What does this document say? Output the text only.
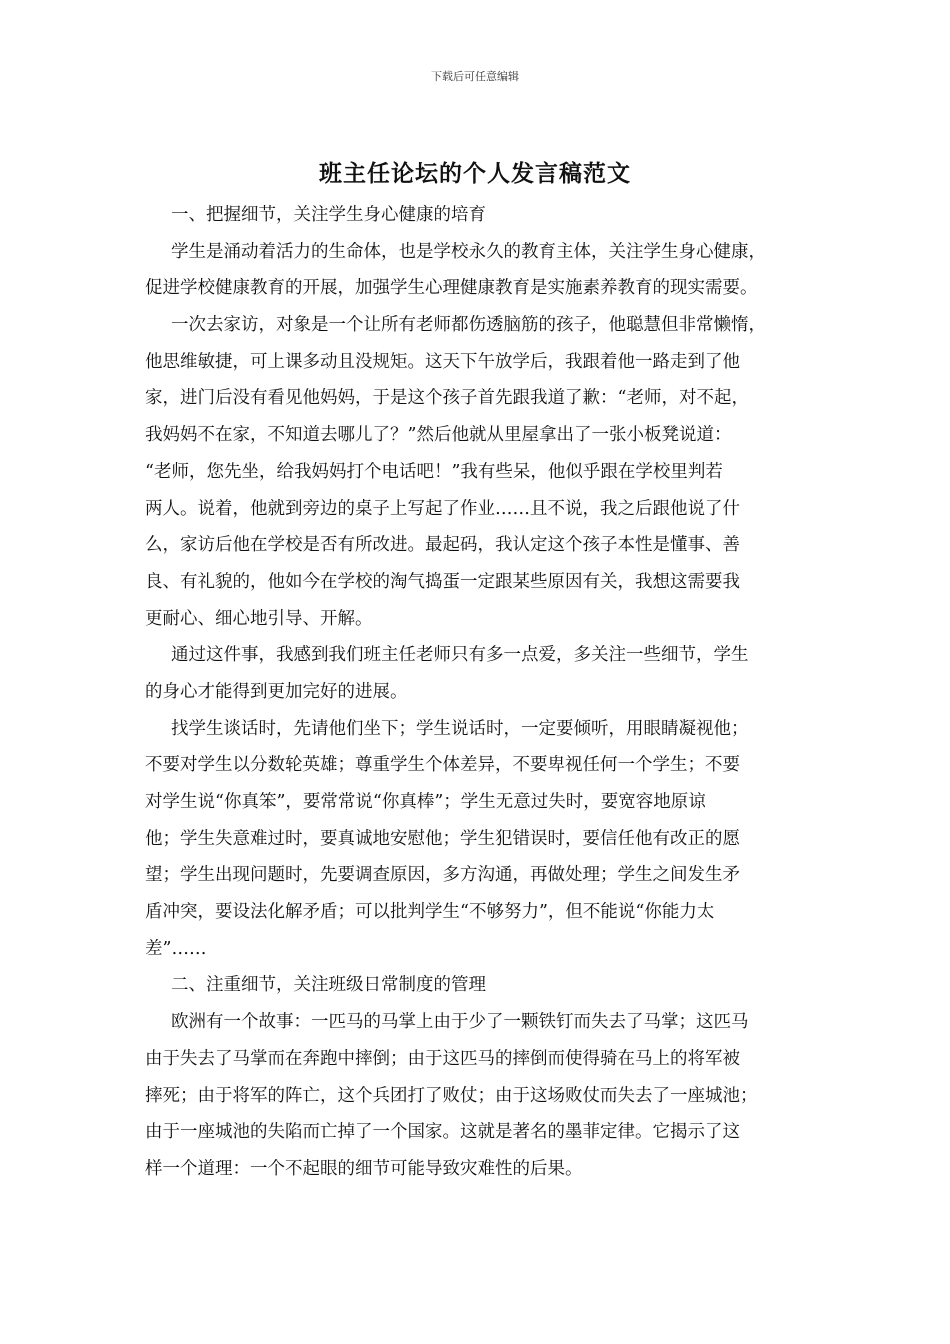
下载后可任意编辑
班主任论坛的个人发言稿范文
一、把握细节，关注学生身心健康的培育
学生是涌动着活力的生命体，也是学校永久的教育主体，关注学生身心健康，
促进学校健康教育的开展，加强学生心理健康教育是实施素养教育的现实需要。
一次去家访，对象是一个让所有老师都伤透脑筋的孩子，他聪慧但非常懒惰，
他思维敏捷，可上课多动且没规矩。这天下午放学后，我跟着他一路走到了他
家，进门后没有看见他妈妈，于是这个孩子首先跟我道了歉：“老师，对不起，
我妈妈不在家，不知道去哪儿了？”然后他就从里屋拿出了一张小板凳说道：
“老师，您先坐，给我妈妈打个电话吧！”我有些呆，他似乎跟在学校里判若
两人。说着，他就到旁边的桌子上写起了作业……且不说，我之后跟他说了什
么，家访后他在学校是否有所改进。最起码，我认定这个孩子本性是懂事、善
良、有礼貌的，他如今在学校的淘气捣蛋一定跟某些原因有关，我想这需要我
更耐心、细心地引导、开解。
通过这件事，我感到我们班主任老师只有多一点爱，多关注一些细节，学生
的身心才能得到更加完好的进展。
找学生谈话时，先请他们坐下；学生说话时，一定要倾听，用眼睛凝视他；
不要对学生以分数轮英雄；尊重学生个体差异，不要卑视任何一个学生；不要
对学生说“你真笨”，要常常说“你真棒”；学生无意过失时，要宽容地原谅
他；学生失意难过时，要真诚地安慰他；学生犯错误时，要信任他有改正的愿
望；学生出现问题时，先要调查原因，多方沟通，再做处理；学生之间发生矛
盾冲突，要设法化解矛盾；可以批判学生“不够努力”，但不能说“你能力太
差”……
二、注重细节，关注班级日常制度的管理
欧洲有一个故事：一匹马的马掌上由于少了一颗铁钉而失去了马掌；这匹马
由于失去了马掌而在奔跑中摔倒；由于这匹马的摔倒而使得骑在马上的将军被
摔死；由于将军的阵亡，这个兵团打了败仗；由于这场败仗而失去了一座城池；
由于一座城池的失陷而亡掉了一个国家。这就是著名的墨菲定律。它揭示了这
样一个道理：一个不起眼的细节可能导致灾难性的后果。
